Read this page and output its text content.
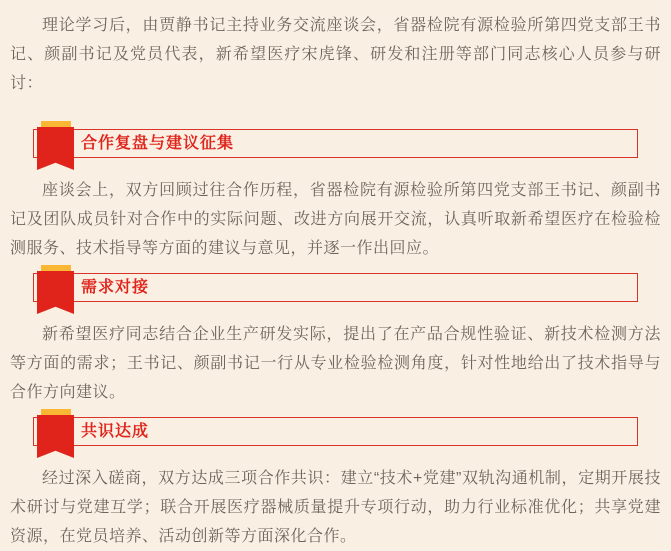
理论学习后，由贾静书记主持业务交流座谈会，省器检院有源检验所第四党支部王书记、颜副书记及党员代表，新希望医疗宋虎锋、研发和注册等部门同志核心人员参与研讨：

合作复盘与建议征集

座谈会上，双方回顾过往合作历程，省器检院有源检验所第四党支部王书记、颜副书记及团队成员针对合作中的实际问题、改进方向展开交流，认真听取新希望医疗在检验检测服务、技术指导等方面的建议与意见，并逐一作出回应。

需求对接

新希望医疗同志结合企业生产研发实际，提出了在产品合规性验证、新技术检测方法等方面的需求；王书记、颜副书记一行从专业检验检测角度，针对性地给出了技术指导与合作方向建议。

共识达成

经过深入磋商，双方达成三项合作共识：建立“技术+党建”双轨沟通机制，定期开展技术研讨与党建互学；联合开展医疗器械质量提升专项行动，助力行业标准优化；共享党建资源，在党员培养、活动创新等方面深化合作。
